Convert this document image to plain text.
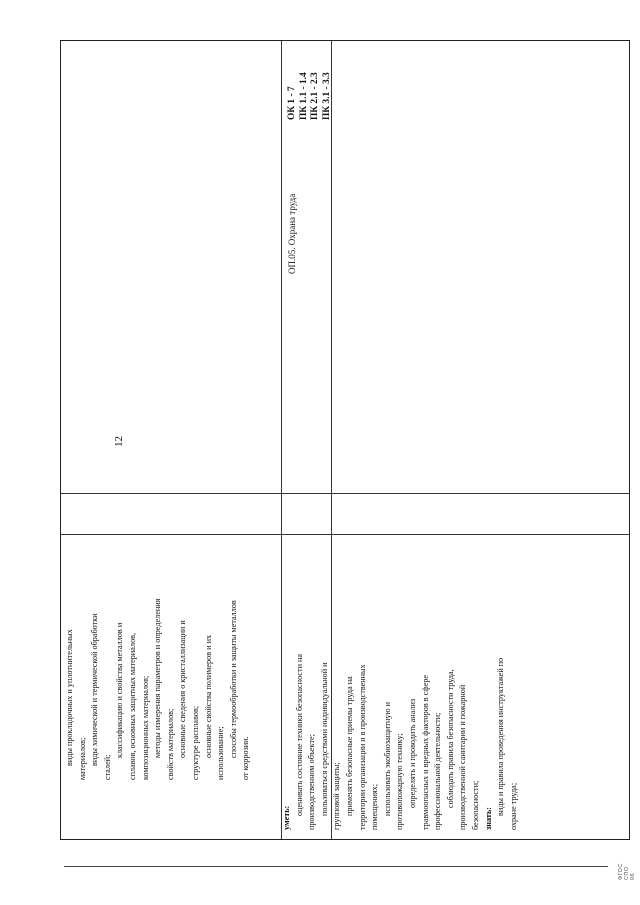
12

виды прокладочных и уплотнительных материалов; виды химической и термической обработки

сталей;

классификацию и свойства металлов и сплавов, основных защитных материалов, композиционных материалов; методы измерения параметров и определения свойств материалов; основные сведения о кристаллизации и структуре расплавов; основные свойства полимеров и их использование; способы термообработки и защиты металлов

от коррозии.

уметь:

оценивать состояние техники безопасности на производственном объекте; пользоваться средствами индивидуальной и групповой защиты; применять безопасные приемы труда на территории организации и в производственных помещениях; использовать экобиозащитную и противопожарную технику; определять и проводить анализ травмоопасных и вредных факторов в сфере профессиональной деятельности; соблюдать правила безопасности труда, производственной санитарии и пожарной безопасности; знать:

виды и правила проведения инструктажей по охране труда;

ОП.05. Охрана труда

ОК 1 - 7 ПК 1.1 - 1.4 ПК 2.1 - 2.3 ПК 3.1 - 3.3

ФГОС СПО 06
